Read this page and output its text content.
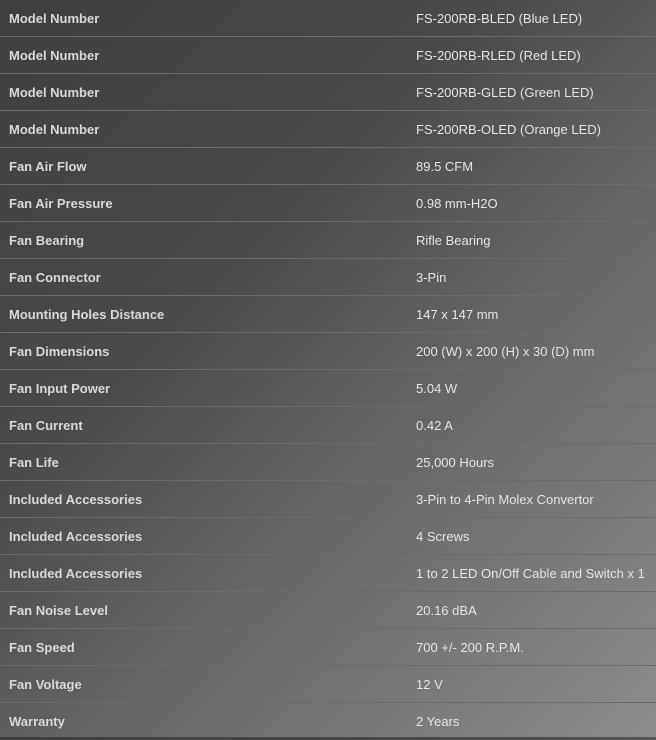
Model Number	FS-200RB-BLED (Blue LED)
Model Number	FS-200RB-RLED (Red LED)
Model Number	FS-200RB-GLED (Green LED)
Model Number	FS-200RB-OLED (Orange LED)
Fan Air Flow	89.5 CFM
Fan Air Pressure	0.98 mm-H2O
Fan Bearing	Rifle Bearing
Fan Connector	3-Pin
Mounting Holes Distance	147 x 147 mm
Fan Dimensions	200 (W) x 200 (H) x 30 (D) mm
Fan Input Power	5.04 W
Fan Current	0.42 A
Fan Life	25,000 Hours
Included Accessories	3-Pin to 4-Pin Molex Convertor
Included Accessories	4 Screws
Included Accessories	1 to 2 LED On/Off Cable and Switch x 1
Fan Noise Level	20.16 dBA
Fan Speed	700 +/- 200 R.P.M.
Fan Voltage	12 V
Warranty	2 Years
